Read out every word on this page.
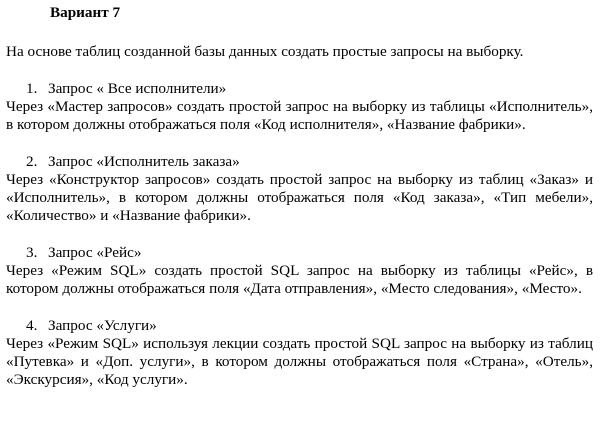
Вариант 7
На основе таблиц созданной базы данных создать простые запросы на выборку.
1. Запрос « Все исполнители»

Через «Мастер запросов» создать простой запрос на выборку из таблицы «Исполнитель», в котором должны отображаться поля «Код исполнителя», «Название фабрики».

2. Запрос «Исполнитель заказа»

Через «Конструктор запросов» создать простой запрос на выборку из таблиц «Заказ» и «Исполнитель», в котором должны отображаться поля «Код заказа», «Тип мебели», «Количество» и «Название фабрики».

3. Запрос «Рейс»

Через «Режим SQL» создать простой SQL запрос на выборку из таблицы «Рейс», в котором должны отображаться поля «Дата отправления», «Место следования», «Место».

4. Запрос «Услуги»

Через «Режим SQL» используя лекции создать простой SQL запрос на выборку из таблиц «Путевка» и «Доп. услуги», в котором должны отображаться поля «Страна», «Отель», «Экскурсия», «Код услуги».
